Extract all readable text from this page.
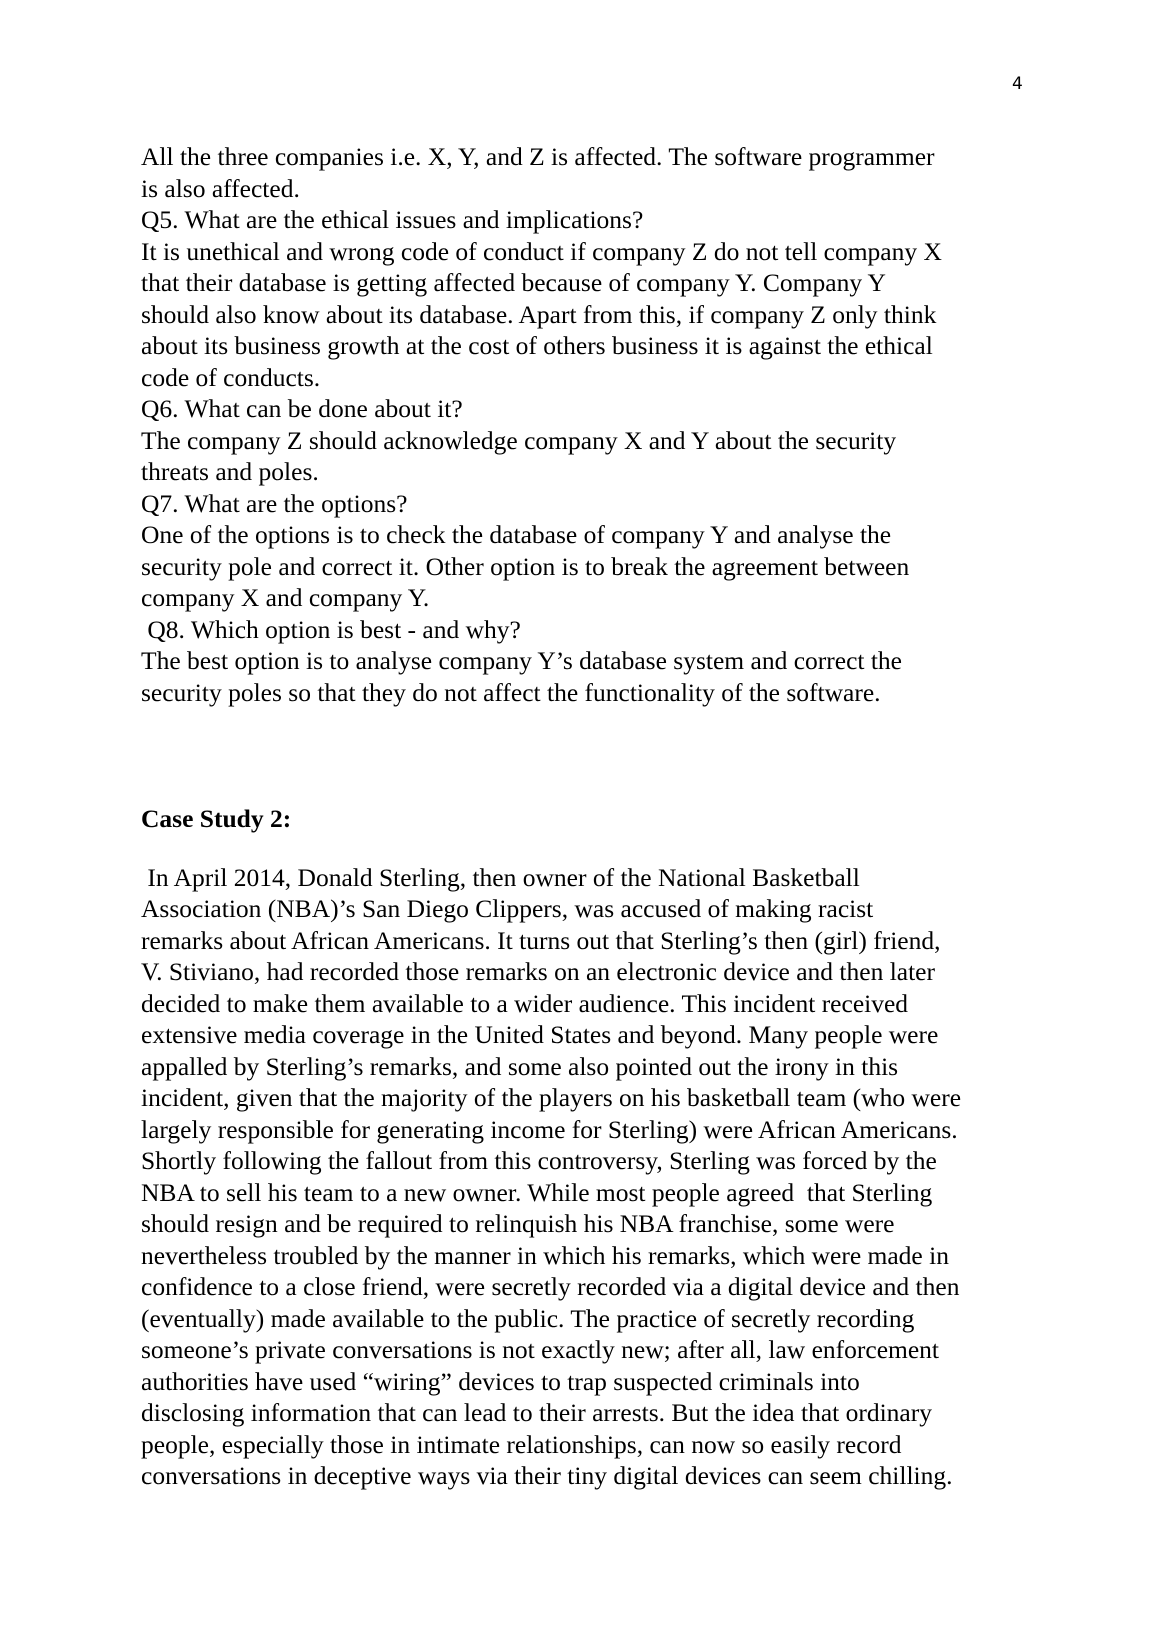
4

All the three companies i.e. X, Y, and Z is affected. The software programmer

is also affected.

Q5. What are the ethical issues and implications?

It is unethical and wrong code of conduct if company Z do not tell company X

that their database is getting affected because of company Y. Company Y

should also know about its database. Apart from this, if company Z only think

about its business growth at the cost of others business it is against the ethical

code of conducts.

Q6. What can be done about it?

The company Z should acknowledge company X and Y about the security

threats and poles.

Q7. What are the options?

One of the options is to check the database of company Y and analyse the

security pole and correct it. Other option is to break the agreement between

company X and company Y.

Q8. Which option is best - and why?

The best option is to analyse company Y’s database system and correct the

security poles so that they do not affect the functionality of the software.

Case Study 2:

In April 2014, Donald Sterling, then owner of the National Basketball

Association (NBA)’s San Diego Clippers, was accused of making racist

remarks about African Americans. It turns out that Sterling’s then (girl) friend,

V. Stiviano, had recorded those remarks on an electronic device and then later

decided to make them available to a wider audience. This incident received

extensive media coverage in the United States and beyond. Many people were

appalled by Sterling’s remarks, and some also pointed out the irony in this

incident, given that the majority of the players on his basketball team (who were

largely responsible for generating income for Sterling) were African Americans.

Shortly following the fallout from this controversy, Sterling was forced by the

NBA to sell his team to a new owner. While most people agreed  that Sterling

should resign and be required to relinquish his NBA franchise, some were

nevertheless troubled by the manner in which his remarks, which were made in

confidence to a close friend, were secretly recorded via a digital device and then

(eventually) made available to the public. The practice of secretly recording

someone’s private conversations is not exactly new; after all, law enforcement

authorities have used “wiring” devices to trap suspected criminals into

disclosing information that can lead to their arrests. But the idea that ordinary

people, especially those in intimate relationships, can now so easily record

conversations in deceptive ways via their tiny digital devices can seem chilling.
